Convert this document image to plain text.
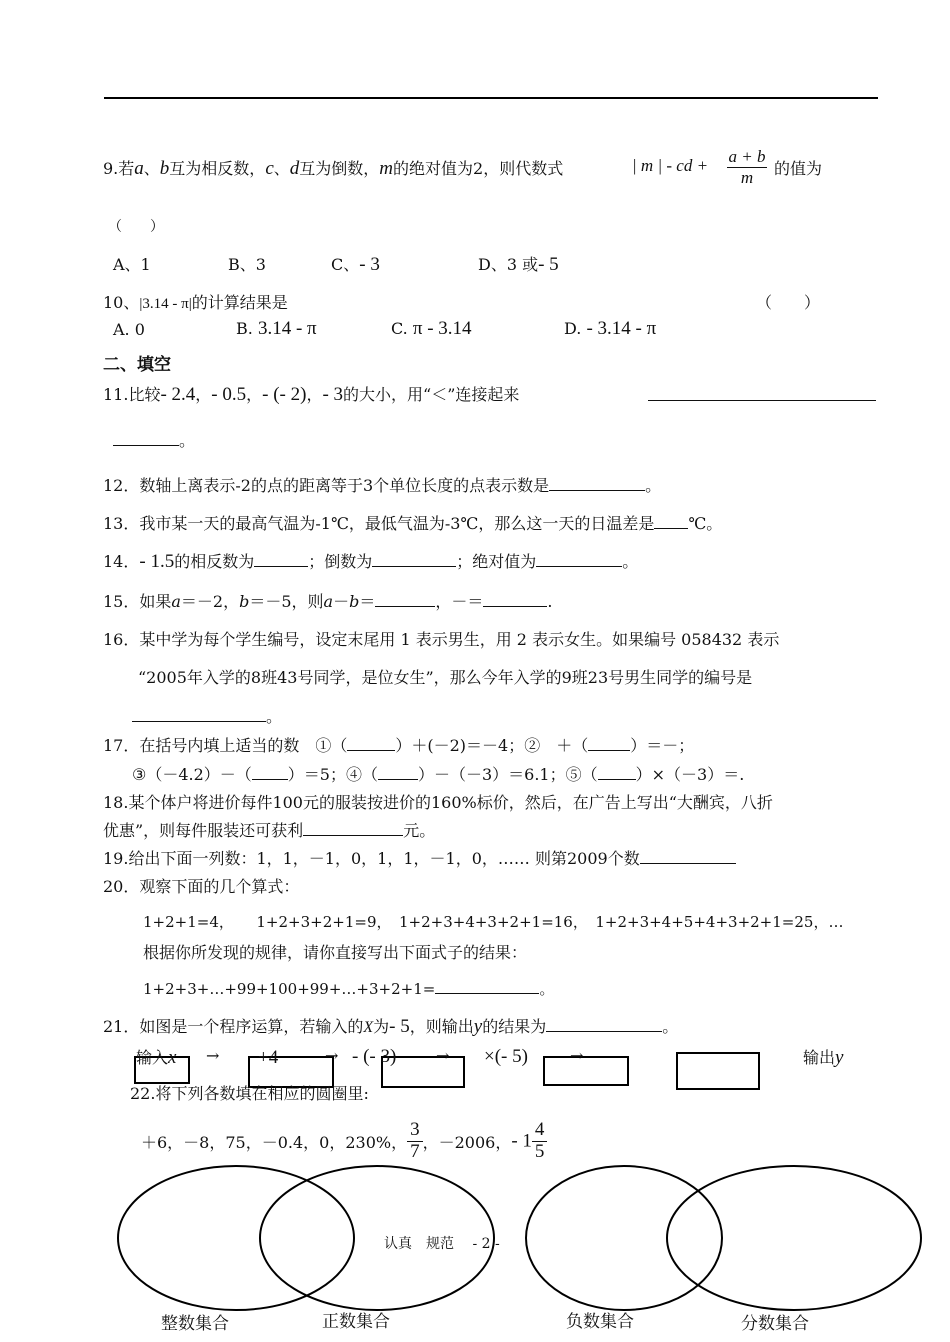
9.若a、b互为相反数，c、d互为倒数，m的绝对值为2，则代数式	| m | - cd + $\frac{a + b}{m}$ 的值为
（　　）
A、1	B、3	C、- 3	D、3 或- 5
10、|3.14 - π|的计算结果是	（　　）
A. 0	B. 3.14 - π	C. π - 3.14	D. - 3.14 - π
二、填空
11.比较- 2.4，- 0.5，- (- 2)，- 3的大小，用“＜”连接起来
。
12．数轴上离表示-2的点的距离等于3个单位长度的点表示数是	。
13．我市某一天的最高气温为-1℃，最低气温为-3℃，那么这一天的日温差是 ℃。
14．- 1.5的相反数为	；倒数为	；绝对值为	。
15．如果a＝－2，b＝－5，则a－b＝	，－＝	.
16．某中学为每个学生编号，设定末尾用 1 表示男生，用 2 表示女生。如果编号 058432 表示
“2005年入学的8班43号同学，是位女生”，那么今年入学的9班23号男生同学的编号是
。
17．在括号内填上适当的数　①（	）＋(－2)＝－4；②　＋（	）＝－；
③（－4.2）－（ ）＝5；④（	）－（－3）＝6.1；⑤（ ）×（－3）＝.
18.某个体户将进价每件100元的服装按进价的160%标价，然后，在广告上写出“大酬宾，八折
优惠”，则每件服装还可获利	元。
19.给出下面一列数：1，1，－1，0，1，1，－1，0，…… 则第2009个数
20．观察下面的几个算式：
1+2+1=4，　　1+2+3+2+1=9，　1+2+3+4+3+2+1=16，　1+2+3+4+5+4+3+2+1=25，…
根据你所发现的规律，请你直接写出下面式子的结果：
1+2+3+…+99+100+99+…+3+2+1=	。
21．如图是一个程序运算，若输入的X为- 5，则输出y的结果为	。
输入x → +4	→ - (- 3) → ×(- 5)	→	输出y
22.将下列各数填在相应的圆圈里:
＋6，－8，75，－0.4，0，230%， $\frac{3}{7}$ ，－2006，- $1 \frac{4}{5}$
认真　规范　 - 2 -
整数集合	正数集合	负数集合	分数集合
